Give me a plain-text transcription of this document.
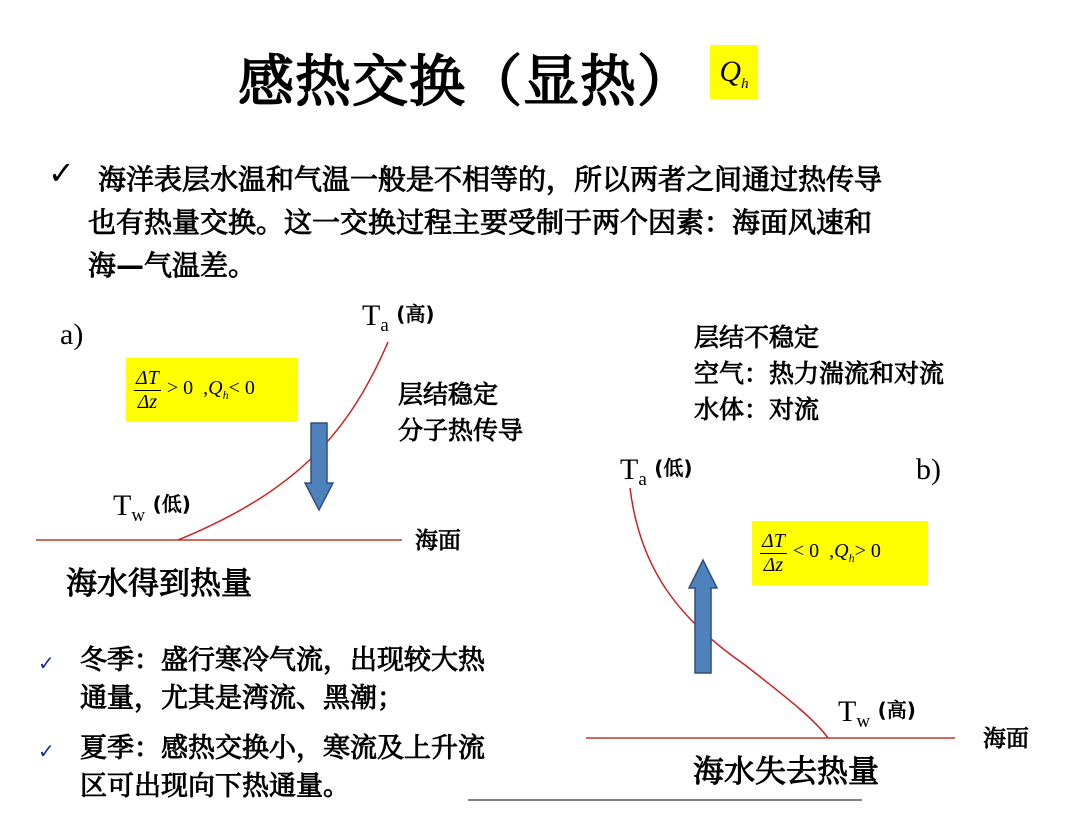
感热交换（显热） $Q_h$
✓ 海洋表层水温和气温一般是不相等的，所以两者之间通过热传导
也有热量交换。这一交换过程主要受制于两个因素：海面风速和
海—气温差。
a)
$T_a$ (高)
$\frac{\Delta T}{\Delta z} > 0$  $,Q_h< 0$	层结稳定
分子热传导
$T_w$ (低)
海面
海水得到热量
层结不稳定
空气：热力湍流和对流
水体：对流
$T_a$ (低)	b)
$\frac{\Delta T}{\Delta z} < 0$  $,Q_h> 0$
$T_w$ (高)
海面
海水失去热量
✓ 冬季：盛行寒冷气流，出现较大热
通量，尤其是湾流、黑潮；
✓ 夏季：感热交换小，寒流及上升流
区可出现向下热通量。
